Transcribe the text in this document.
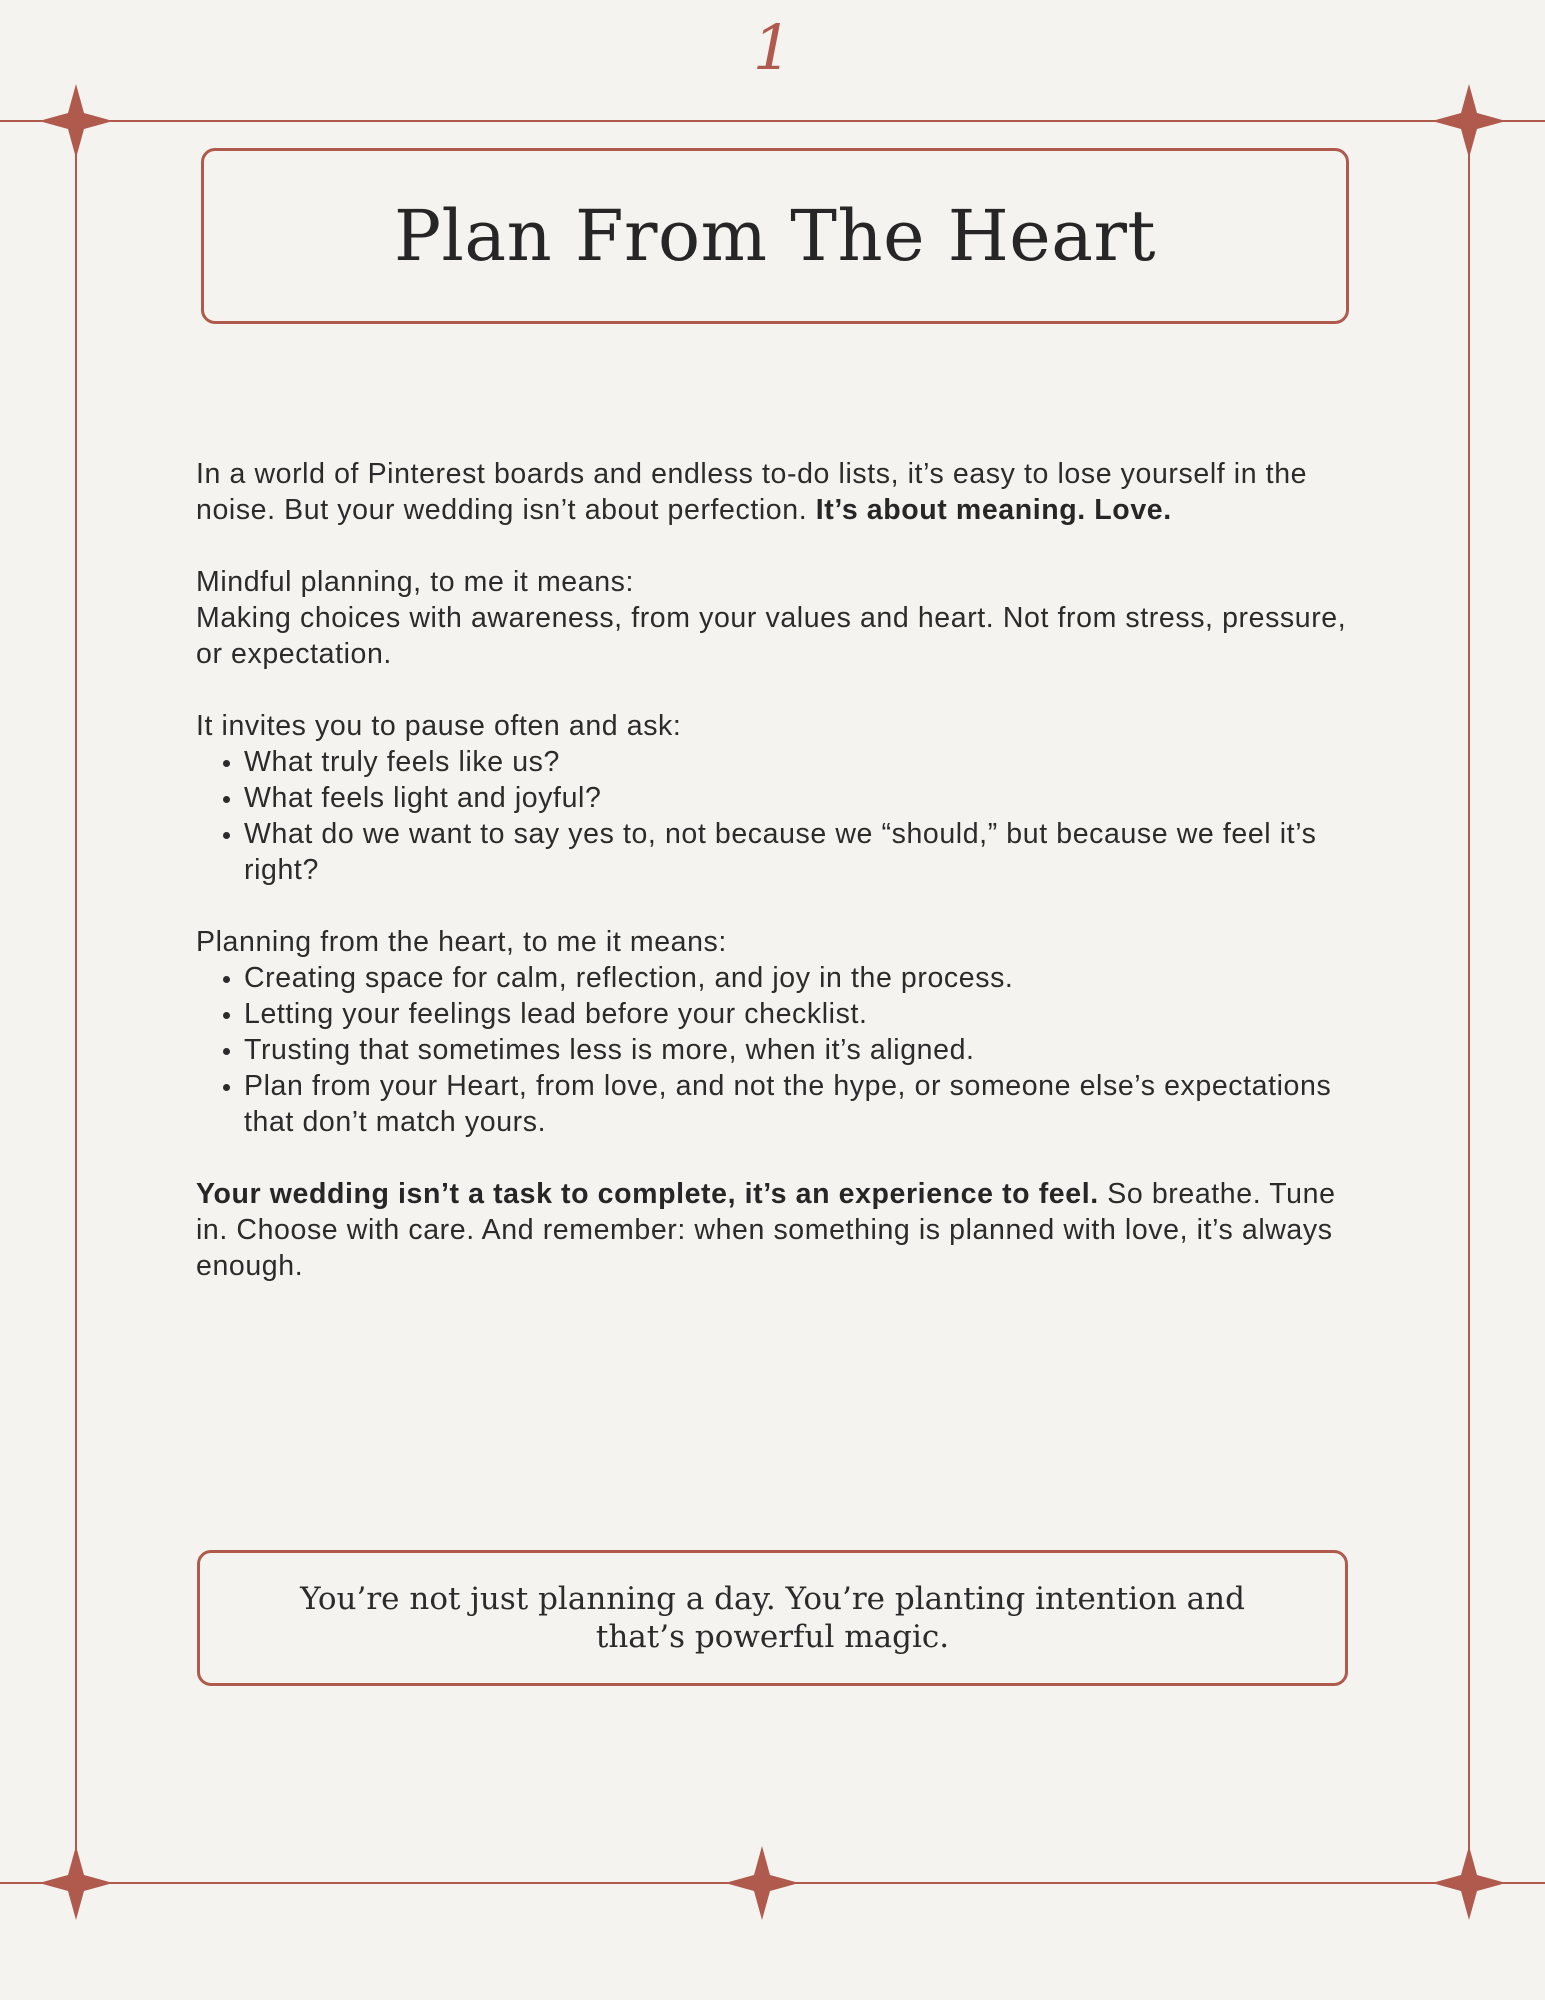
1
Plan From The Heart

In a world of Pinterest boards and endless to-do lists, it’s easy to lose yourself in the noise. But your wedding isn’t about perfection. It’s about meaning. Love.

Mindful planning, to me it means:
Making choices with awareness, from your values and heart. Not from stress, pressure, or expectation.

It invites you to pause often and ask:
• What truly feels like us?
• What feels light and joyful?
• What do we want to say yes to, not because we “should,” but because we feel it’s right?
Planning from the heart, to me it means:
• Creating space for calm, reflection, and joy in the process.
• Letting your feelings lead before your checklist.
• Trusting that sometimes less is more, when it’s aligned.
• Plan from your Heart, from love, and not the hype, or someone else’s expectations that don’t match yours.

Your wedding isn’t a task to complete, it’s an experience to feel. So breathe. Tune in. Choose with care. And remember: when something is planned with love, it’s always enough.

You’re not just planning a day. You’re planting intention and that’s powerful magic.
